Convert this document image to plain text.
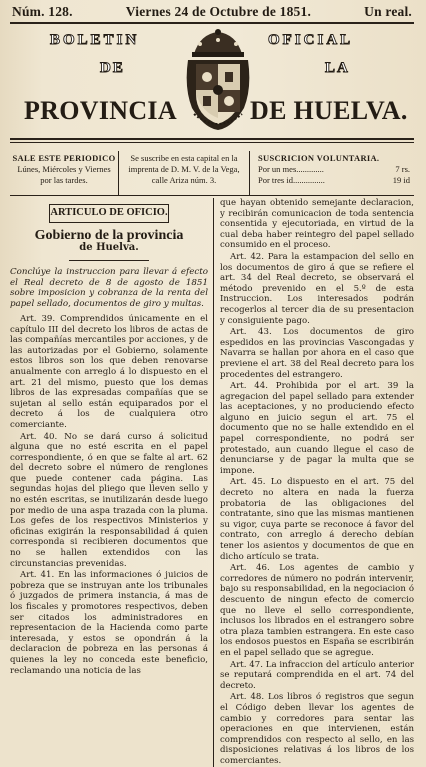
Núm. 128.	Viernes 24 de Octubre de 1851.	Un real.
BOLETIN	OFICIAL
DE	LA
PROVINCIA	DE HUELVA.
SALE ESTE PERIODICO
Lúnes, Miércoles y Viernes
por las tardes.
Se suscribe en esta capital en la
imprenta de D. M. V. de la Vega,
calle Ariza núm. 3.
SUSCRICION VOLUNTARIA.
Por un mes.............	7 rs.
Por tres id...............	19 id
ARTICULO DE OFICIO.
Gobierno de la provincia
de Huelva.

Conclúye la instruccion para llevar á efecto el Real decreto de 8 de agosto de 1851 sobre imposicion y cobranza de la renta del papel sellado, documentos de giro y multas.

Art. 39. Comprendidos únicamente en el capítulo III del decreto los libros de actas de las compañías mercantiles por acciones, y de las autorizadas por el Gobierno, solamente estos libros son los que deben renovarse anualmente con arreglo á lo dispuesto en el art. 21 del mismo, puesto que los demas libros de las expresadas compañías que se sujetan al sello están equiparados por el decreto á los de cualquiera otro comerciante.

Art. 40. No se dará curso á solicitud alguna que no esté escrita en el papel correspondiente, ó en que se falte al art. 62 del decreto sobre el número de renglones que puede contener cada página. Las segundas hojas del pliego que lleven sello y no estén escritas, se inutilizarán desde luego por medio de una aspa trazada con la pluma. Los gefes de los respectivos Ministerios y oficinas exigirán la responsabilidad á quien corresponda si recibieren documentos que no se hallen extendidos con las circunstancias prevenidas.

Art. 41. En las informaciones ó juicios de pobreza que se instruyan ante los tribunales ó juzgados de primera instancia, á mas de los fiscales y promotores respectivos, deben ser citados los administradores en representacion de la Hacienda como parte interesada, y estos se opondrán á la declaracion de pobreza en las personas á quienes la ley no conceda este beneficio, reclamando una noticia de las

que hayan obtenido semejante declaracion, y recibirán comunicacion de toda sentencia consentida y ejecutoriada, en virtud de la cual deba haber reintegro del papel sellado consumido en el proceso.

Art. 42. Para la estampacion del sello en los documentos de giro á que se refiere el art. 34 del Real decreto, se observará el método prevenido en el 5.º de esta Instruccion. Los interesados podrán recogerlos al tercer dia de su presentacion y consiguiente pago.

Art. 43. Los documentos de giro espedidos en las provincias Vascongadas y Navarra se hallan por ahora en el caso que previene el art. 38 del Real decreto para los procedentes del estrangero.

Art. 44. Prohibida por el art. 39 la agregacion del papel sellado para extender las aceptaciones, y no produciendo efecto alguno en juicio segun el art. 75 el documento que no se halle extendido en el papel correspondiente, no podrá ser protestado, aun cuando llegue el caso de denunciarse y de pagar la multa que se impone.

Art. 45. Lo dispuesto en el art. 75 del decreto no altera en nada la fuerza probatoria de las obligaciones del contratante, sino que las mismas mantienen su vigor, cuya parte se reconoce á favor del contrato, con arreglo á derecho debían tener los asientos y documentos de que en dicho artículo se trata.

Art. 46. Los agentes de cambio y corredores de número no podrán intervenir, bajo su responsabilidad, en la negociacion ó descuento de ningun efecto de comercio que no lleve el sello correspondiente, inclusos los librados en el estrangero sobre otra plaza tambien estrangera. En este caso los endosos puestos en España se escribirán en el papel sellado que se agregue.

Art. 47. La infraccion del artículo anterior se reputará comprendida en el art. 74 del decreto.

Art. 48. Los libros ó registros que segun el Código deben llevar los agentes de cambio y corredores para sentar las operaciones en que intervienen, están comprendidos con respecto al sello, en las disposiciones relativas á los libros de los comerciantes.
